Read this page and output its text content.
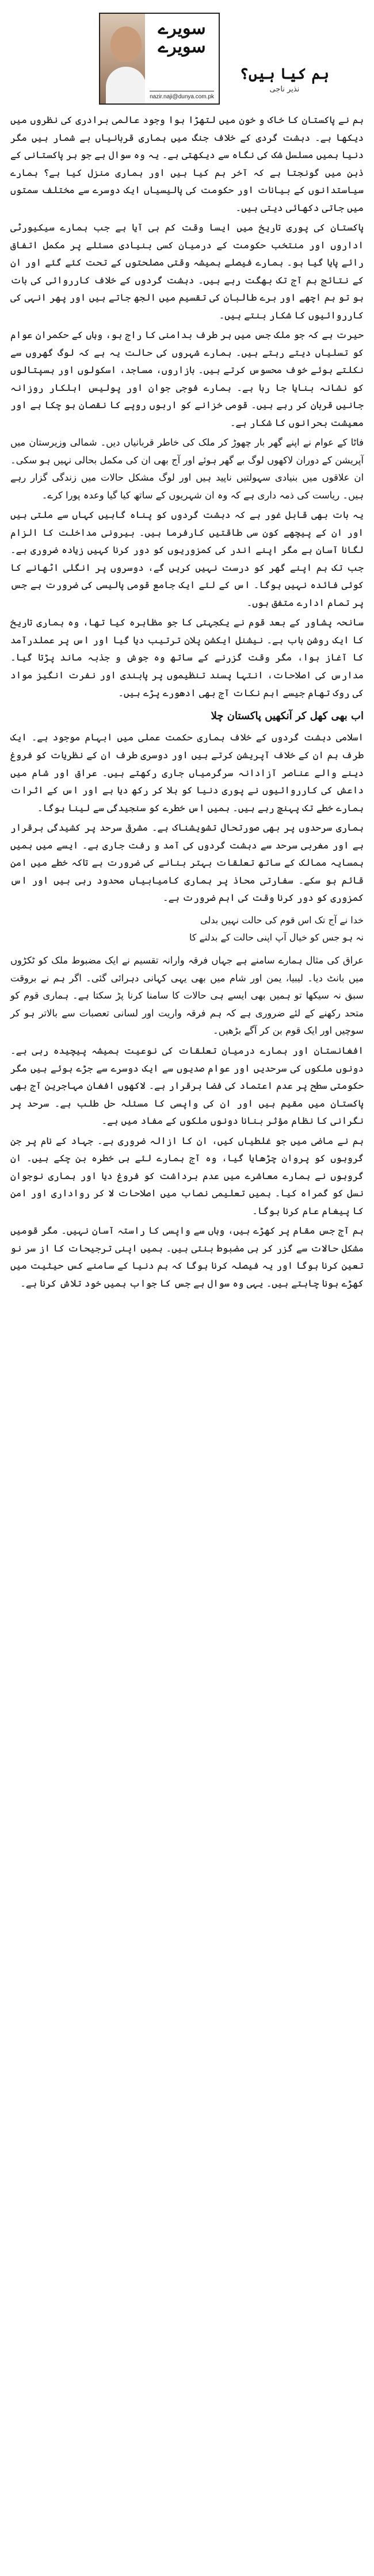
سویرے سویرے
nazir.naji@dunya.com.pk
ہم کیا ہیں؟
نذیر ناجی

ہم نے پاکستان کا خاک و خون میں لتھڑا ہوا وجود عالمی برادری کی نظروں میں دیکھا ہے۔ دہشت گردی کے خلاف جنگ میں ہماری قربانیاں بے شمار ہیں مگر دنیا ہمیں مسلسل شک کی نگاہ سے دیکھتی ہے۔ یہ وہ سوال ہے جو ہر پاکستانی کے ذہن میں گونجتا ہے کہ آخر ہم کیا ہیں اور ہماری منزل کیا ہے؟ ہمارے سیاستدانوں کے بیانات اور حکومت کی پالیسیاں ایک دوسرے سے مختلف سمتوں میں جاتی دکھائی دیتی ہیں۔

پاکستان کی پوری تاریخ میں ایسا وقت کم ہی آیا ہے جب ہمارے سیکیورٹی اداروں اور منتخب حکومت کے درمیان کسی بنیادی مسئلے پر مکمل اتفاق رائے پایا گیا ہو۔ ہمارے فیصلے ہمیشہ وقتی مصلحتوں کے تحت کئے گئے اور ان کے نتائج ہم آج تک بھگت رہے ہیں۔ دہشت گردوں کے خلاف کارروائی کی بات ہو تو ہم اچھے اور برے طالبان کی تقسیم میں الجھ جاتے ہیں اور پھر انہی کی کارروائیوں کا شکار بنتے ہیں۔

حیرت ہے کہ جو ملک جس میں ہر طرف بدامنی کا راج ہو، وہاں کے حکمران عوام کو تسلیاں دیتے رہتے ہیں۔ ہمارے شہروں کی حالت یہ ہے کہ لوگ گھروں سے نکلتے ہوئے خوف محسوس کرتے ہیں۔ بازاروں، مساجد، اسکولوں اور ہسپتالوں کو نشانہ بنایا جا رہا ہے۔ ہمارے فوجی جوان اور پولیس اہلکار روزانہ جانیں قربان کر رہے ہیں۔ قومی خزانے کو اربوں روپے کا نقصان ہو چکا ہے اور معیشت بحرانوں کا شکار ہے۔

فاٹا کے عوام نے اپنے گھر بار چھوڑ کر ملک کی خاطر قربانیاں دیں۔ شمالی وزیرستان میں آپریشن کے دوران لاکھوں لوگ بے گھر ہوئے اور آج بھی ان کی مکمل بحالی نہیں ہو سکی۔ ان علاقوں میں بنیادی سہولتیں ناپید ہیں اور لوگ مشکل حالات میں زندگی گزار رہے ہیں۔ ریاست کی ذمہ داری ہے کہ وہ ان شہریوں کے ساتھ کیا گیا وعدہ پورا کرے۔

یہ بات بھی قابل غور ہے کہ دہشت گردوں کو پناہ گاہیں کہاں سے ملتی ہیں اور ان کے پیچھے کون سی طاقتیں کارفرما ہیں۔ بیرونی مداخلت کا الزام لگانا آسان ہے مگر اپنے اندر کی کمزوریوں کو دور کرنا کہیں زیادہ ضروری ہے۔ جب تک ہم اپنے گھر کو درست نہیں کریں گے، دوسروں پر انگلی اٹھانے کا کوئی فائدہ نہیں ہوگا۔ اس کے لئے ایک جامع قومی پالیسی کی ضرورت ہے جس پر تمام ادارے متفق ہوں۔

سانحہ پشاور کے بعد قوم نے یکجہتی کا جو مظاہرہ کیا تھا، وہ ہماری تاریخ کا ایک روشن باب ہے۔ نیشنل ایکشن پلان ترتیب دیا گیا اور اس پر عملدرآمد کا آغاز ہوا، مگر وقت گزرنے کے ساتھ وہ جوش و جذبہ ماند پڑتا گیا۔ مدارس کی اصلاحات، انتہا پسند تنظیموں پر پابندی اور نفرت انگیز مواد کی روک تھام جیسے اہم نکات آج بھی ادھورے پڑے ہیں۔

اب بھی کھل کر آنکھیں پاکستان چلا

اسلامی دہشت گردوں کے خلاف ہماری حکمت عملی میں ابہام موجود ہے۔ ایک طرف ہم ان کے خلاف آپریشن کرتے ہیں اور دوسری طرف ان کے نظریات کو فروغ دینے والے عناصر آزادانہ سرگرمیاں جاری رکھتے ہیں۔ عراق اور شام میں داعش کی کارروائیوں نے پوری دنیا کو ہلا کر رکھ دیا ہے اور اس کے اثرات ہمارے خطے تک پہنچ رہے ہیں۔ ہمیں اس خطرے کو سنجیدگی سے لینا ہوگا۔

ہماری سرحدوں پر بھی صورتحال تشویشناک ہے۔ مشرقی سرحد پر کشیدگی برقرار ہے اور مغربی سرحد سے دہشت گردوں کی آمد و رفت جاری ہے۔ ایسے میں ہمیں ہمسایہ ممالک کے ساتھ تعلقات بہتر بنانے کی ضرورت ہے تاکہ خطے میں امن قائم ہو سکے۔ سفارتی محاذ پر ہماری کامیابیاں محدود رہی ہیں اور اس کمزوری کو دور کرنا وقت کی اہم ضرورت ہے۔

خدا نے آج تک اس قوم کی حالت نہیں بدلی
نہ ہو جس کو خیال آپ اپنی حالت کے بدلنے کا

عراق کی مثال ہمارے سامنے ہے جہاں فرقہ وارانہ تقسیم نے ایک مضبوط ملک کو ٹکڑوں میں بانٹ دیا۔ لیبیا، یمن اور شام میں بھی یہی کہانی دہرائی گئی۔ اگر ہم نے بروقت سبق نہ سیکھا تو ہمیں بھی ایسے ہی حالات کا سامنا کرنا پڑ سکتا ہے۔ ہماری قوم کو متحد رکھنے کے لئے ضروری ہے کہ ہم فرقہ واریت اور لسانی تعصبات سے بالاتر ہو کر سوچیں اور ایک قوم بن کر آگے بڑھیں۔

افغانستان اور ہمارے درمیان تعلقات کی نوعیت ہمیشہ پیچیدہ رہی ہے۔ دونوں ملکوں کی سرحدیں اور عوام صدیوں سے ایک دوسرے سے جڑے ہوئے ہیں مگر حکومتی سطح پر عدم اعتماد کی فضا برقرار ہے۔ لاکھوں افغان مہاجرین آج بھی پاکستان میں مقیم ہیں اور ان کی واپسی کا مسئلہ حل طلب ہے۔ سرحد پر نگرانی کا نظام مؤثر بنانا دونوں ملکوں کے مفاد میں ہے۔

ہم نے ماضی میں جو غلطیاں کیں، ان کا ازالہ ضروری ہے۔ جہاد کے نام پر جن گروہوں کو پروان چڑھایا گیا، وہ آج ہمارے لئے ہی خطرہ بن چکے ہیں۔ ان گروہوں نے ہمارے معاشرے میں عدم برداشت کو فروغ دیا اور ہماری نوجوان نسل کو گمراہ کیا۔ ہمیں تعلیمی نصاب میں اصلاحات لا کر رواداری اور امن کا پیغام عام کرنا ہوگا۔

ہم آج جس مقام پر کھڑے ہیں، وہاں سے واپسی کا راستہ آسان نہیں۔ مگر قومیں مشکل حالات سے گزر کر ہی مضبوط بنتی ہیں۔ ہمیں اپنی ترجیحات کا از سر نو تعین کرنا ہوگا اور یہ فیصلہ کرنا ہوگا کہ ہم دنیا کے سامنے کس حیثیت میں کھڑے ہونا چاہتے ہیں۔ یہی وہ سوال ہے جس کا جواب ہمیں خود تلاش کرنا ہے۔
